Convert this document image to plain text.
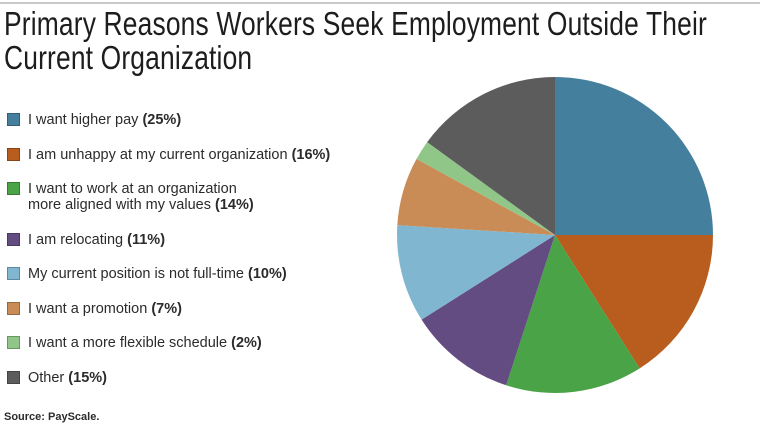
Primary Reasons Workers Seek Employment Outside Their
Current Organization
I want higher pay (25%)
I am unhappy at my current organization (16%)
I want to work at an organization
more aligned with my values (14%)
I am relocating (11%)
My current position is not full-time (10%)
I want a promotion (7%)
I want a more flexible schedule (2%)
Other (15%)
Source: PayScale.
